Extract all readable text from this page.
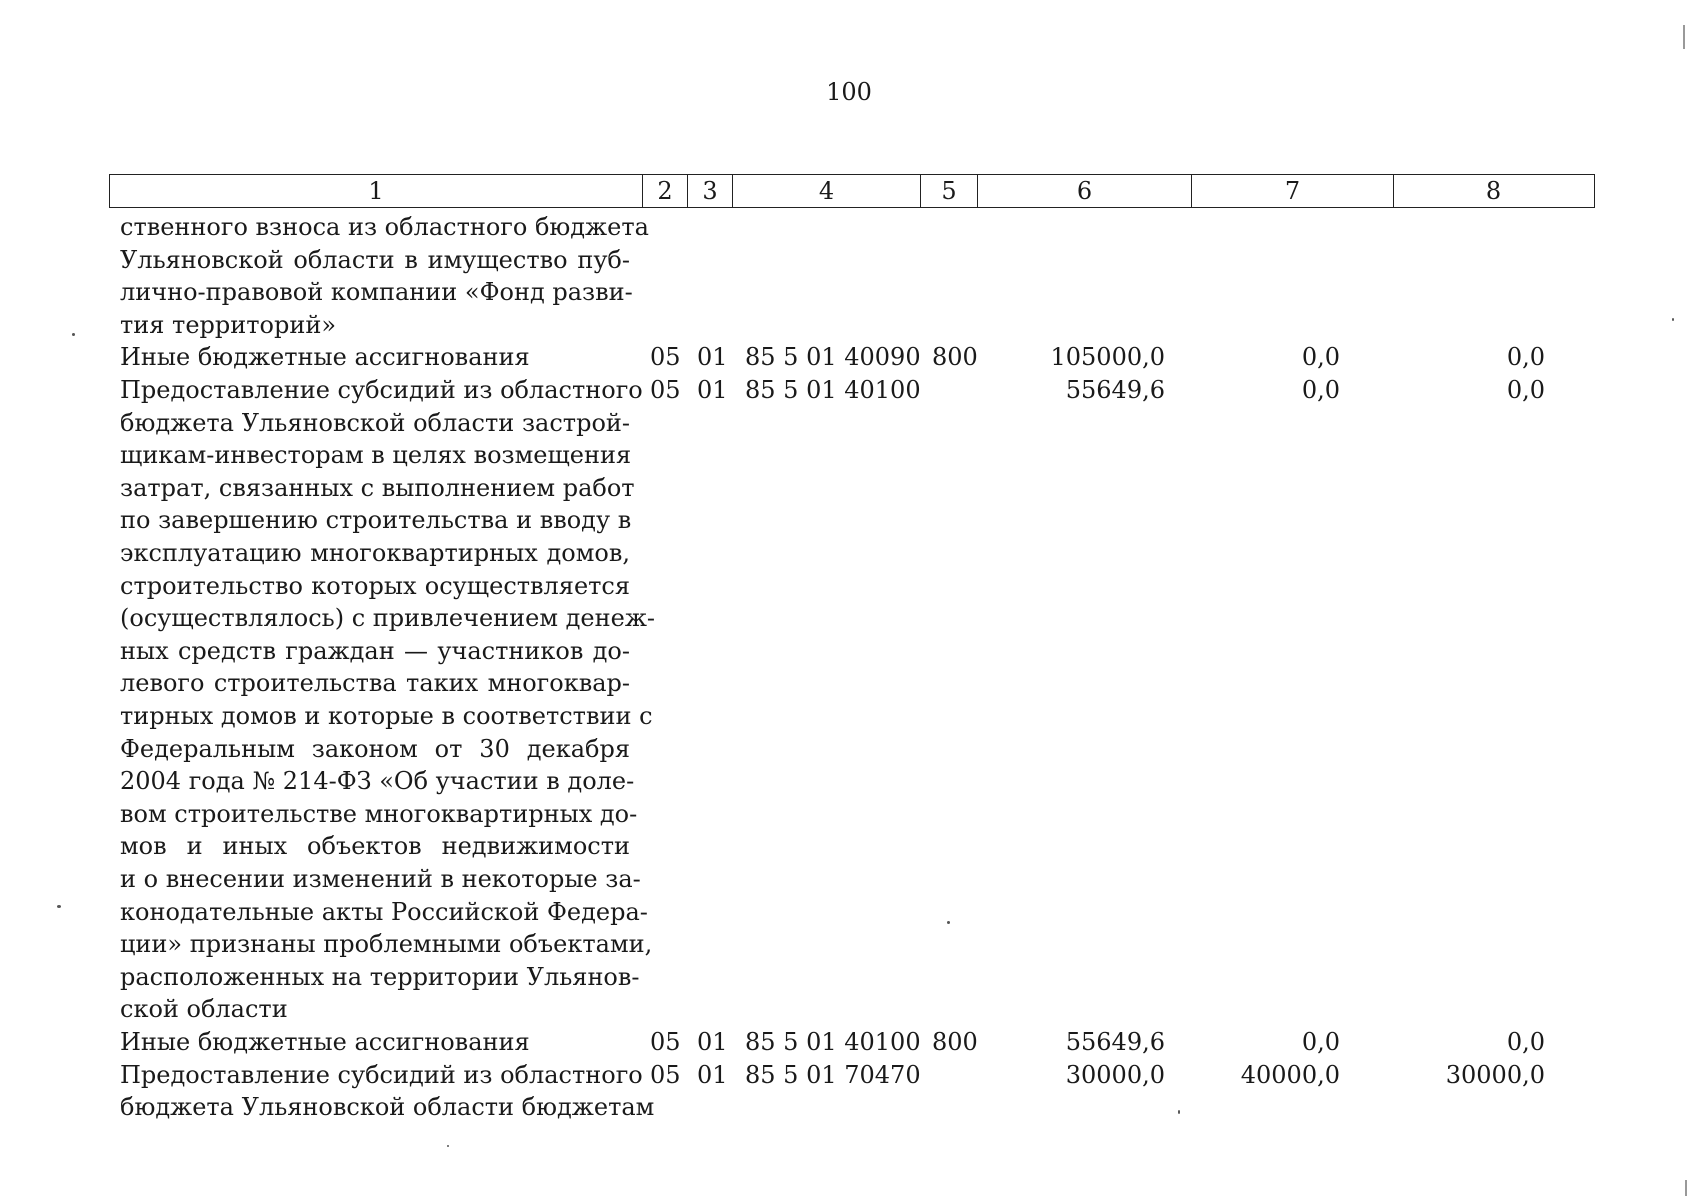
100
1	2	3	4	5	6	7	8
ственного взноса из областного бюджета
Ульяновской области в имущество пуб-
лично-правовой компании «Фонд разви-
тия территорий»
Иные бюджетные ассигнования	05 01 85 5 01 40090 800	105000,0	0,0	0,0
Предоставление субсидий из областного
бюджета Ульяновской области застрой-
щикам-инвесторам в целях возмещения
затрат, связанных с выполнением работ
по завершению строительства и вводу в
эксплуатацию многоквартирных домов,
строительство которых осуществляется
(осуществлялось) с привлечением денеж-
ных средств граждан — участников до-
левого строительства таких многоквар-
тирных домов и которые в соответствии с
Федеральным законом от 30 декабря
2004 года № 214-ФЗ «Об участии в доле-
вом строительстве многоквартирных до-
мов и иных объектов недвижимости
и о внесении изменений в некоторые за-
конодательные акты Российской Федера-
ции» признаны проблемными объектами,
расположенных на территории Ульянов-
ской области
05 01 85 5 01 40100	55649,6	0,0	0,0
Иные бюджетные ассигнования	05 01 85 5 01 40100 800	55649,6	0,0	0,0
Предоставление субсидий из областного
бюджета Ульяновской области бюджетам
05 01 85 5 01 70470	30000,0	40000,0	30000,0
